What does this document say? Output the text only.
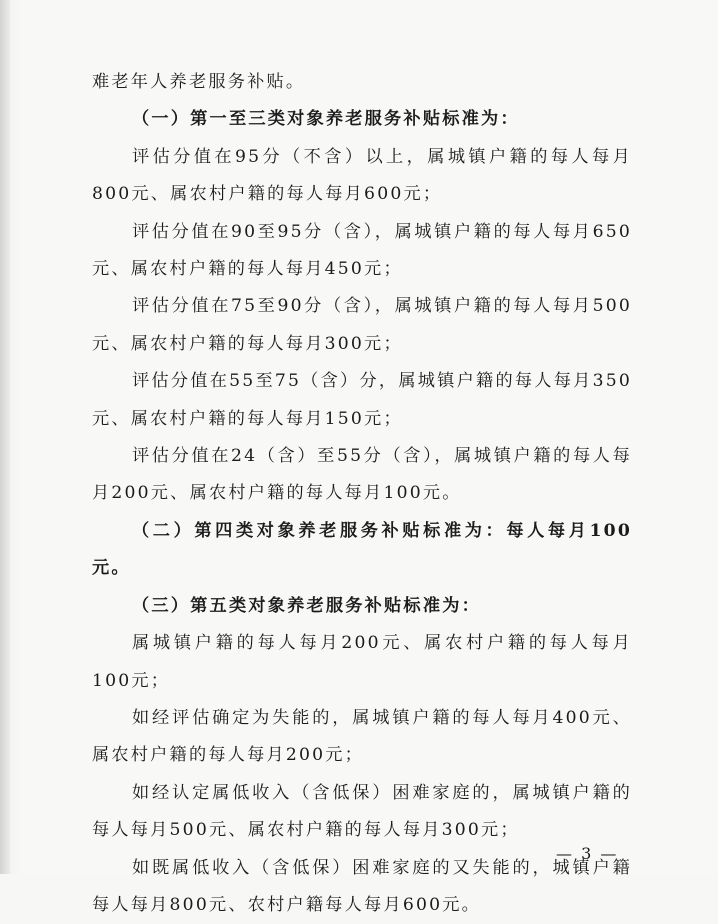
难老年人养老服务补贴。

（一）第一至三类对象养老服务补贴标准为：

评估分值在95分（不含）以上，属城镇户籍的每人每月800元、属农村户籍的每人每月600元；

评估分值在90至95分（含），属城镇户籍的每人每月650元、属农村户籍的每人每月450元；

评估分值在75至90分（含），属城镇户籍的每人每月500元、属农村户籍的每人每月300元；

评估分值在55至75（含）分，属城镇户籍的每人每月350元、属农村户籍的每人每月150元；

评估分值在24（含）至55分（含），属城镇户籍的每人每月200元、属农村户籍的每人每月100元。

（二）第四类对象养老服务补贴标准为：每人每月100元。

（三）第五类对象养老服务补贴标准为：

属城镇户籍的每人每月200元、属农村户籍的每人每月100元；

如经评估确定为失能的，属城镇户籍的每人每月400元、属农村户籍的每人每月200元；

如经认定属低收入（含低保）困难家庭的，属城镇户籍的每人每月500元、属农村户籍的每人每月300元；

如既属低收入（含低保）困难家庭的又失能的，城镇户籍每人每月800元、农村户籍每人每月600元。

— 3 —
